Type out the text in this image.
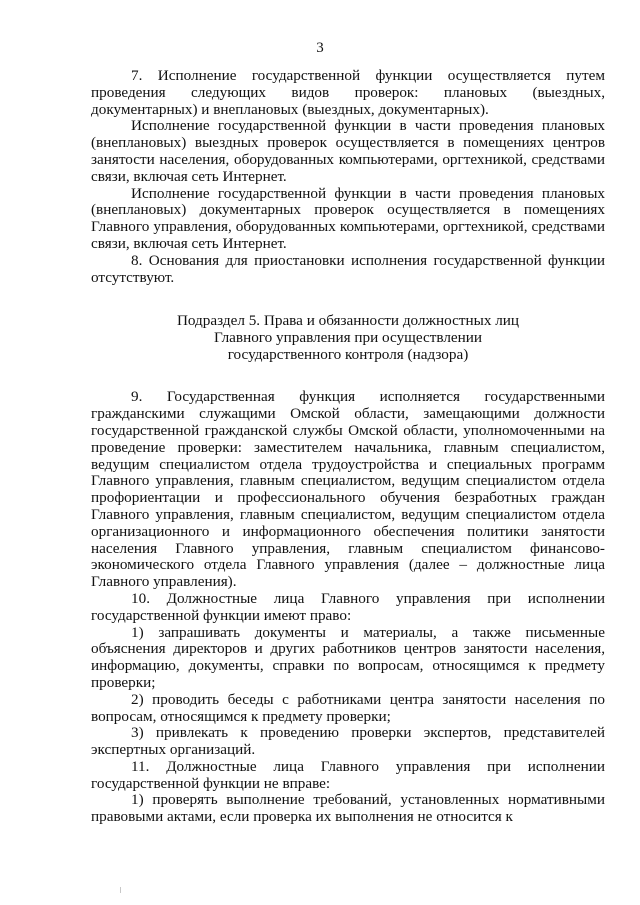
3

7. Исполнение государственной функции осуществляется путем проведения следующих видов проверок: плановых (выездных, документарных) и внеплановых (выездных, документарных).

Исполнение государственной функции в части проведения плановых (внеплановых) выездных проверок осуществляется в помещениях центров занятости населения, оборудованных компьютерами, оргтехникой, средствами связи, включая сеть Интернет.

Исполнение государственной функции в части проведения плановых (внеплановых) документарных проверок осуществляется в помещениях Главного управления, оборудованных компьютерами, оргтехникой, средствами связи, включая сеть Интернет.

8. Основания для приостановки исполнения государственной функции отсутствуют.

Подраздел 5. Права и обязанности должностных лиц
Главного управления при осуществлении
государственного контроля (надзора)

9. Государственная функция исполняется государственными гражданскими служащими Омской области, замещающими должности государственной гражданской службы Омской области, уполномоченными на проведение проверки: заместителем начальника, главным специалистом, ведущим специалистом отдела трудоустройства и специальных программ Главного управления, главным специалистом, ведущим специалистом отдела профориентации и профессионального обучения безработных граждан Главного управления, главным специалистом, ведущим специалистом отдела организационного и информационного обеспечения политики занятости населения Главного управления, главным специалистом финансово-экономического отдела Главного управления (далее – должностные лица Главного управления).

10. Должностные лица Главного управления при исполнении государственной функции имеют право:

1) запрашивать документы и материалы, а также письменные объяснения директоров и других работников центров занятости населения, информацию, документы, справки по вопросам, относящимся к предмету проверки;

2) проводить беседы с работниками центра занятости населения по вопросам, относящимся к предмету проверки;

3) привлекать к проведению проверки экспертов, представителей экспертных организаций.

11. Должностные лица Главного управления при исполнении государственной функции не вправе:

1) проверять выполнение требований, установленных нормативными правовыми актами, если проверка их выполнения не относится к
